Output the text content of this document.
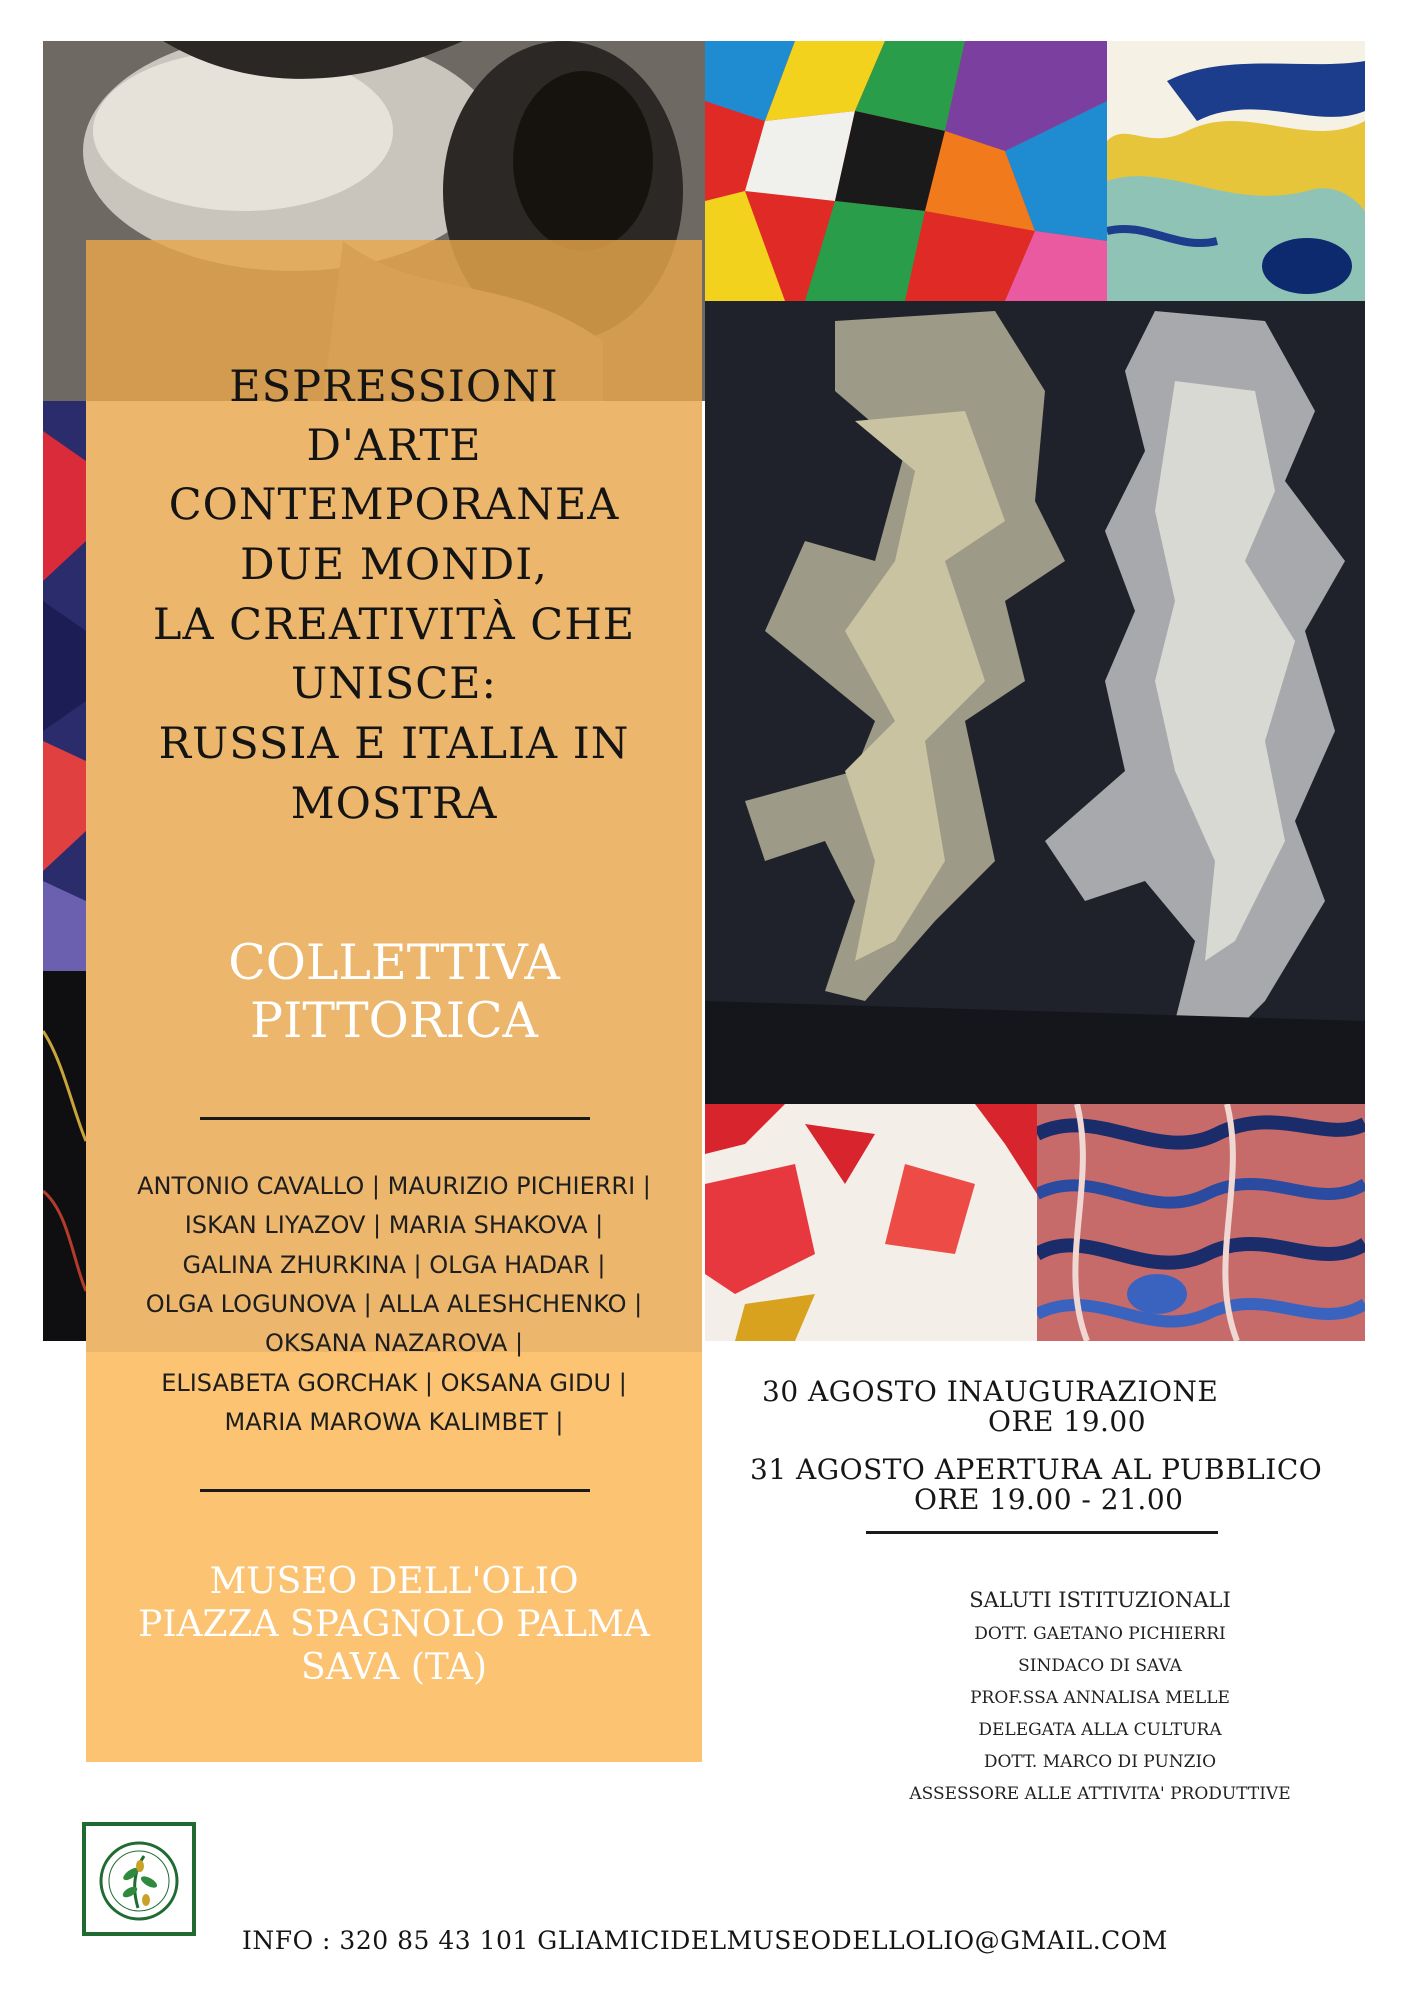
ESPRESSIONI
D'ARTE
CONTEMPORANEA
DUE MONDI,
LA CREATIVITÀ CHE
UNISCE:
RUSSIA E ITALIA IN
MOSTRA
COLLETTIVA
PITTORICA
ANTONIO CAVALLO | MAURIZIO PICHIERRI |
ISKAN LIYAZOV | MARIA SHAKOVA |
GALINA ZHURKINA | OLGA HADAR |
OLGA LOGUNOVA | ALLA ALESHCHENKO |
OKSANA NAZAROVA |
ELISABETA GORCHAK | OKSANA GIDU |
MARIA MAROWA KALIMBET |
MUSEO DELL'OLIO
PIAZZA SPAGNOLO PALMA
SAVA (TA)
30 AGOSTO INAUGURAZIONE
ORE 19.00
31 AGOSTO APERTURA AL PUBBLICO
ORE 19.00 - 21.00
SALUTI ISTITUZIONALI
DOTT. GAETANO PICHIERRI
SINDACO DI SAVA
PROF.SSA ANNALISA MELLE
DELEGATA ALLA CULTURA
DOTT. MARCO DI PUNZIO
ASSESSORE ALLE ATTIVITA' PRODUTTIVE
INFO : 320 85 43 101 GLIAMICIDELMUSEODELLOLIO@GMAIL.COM
